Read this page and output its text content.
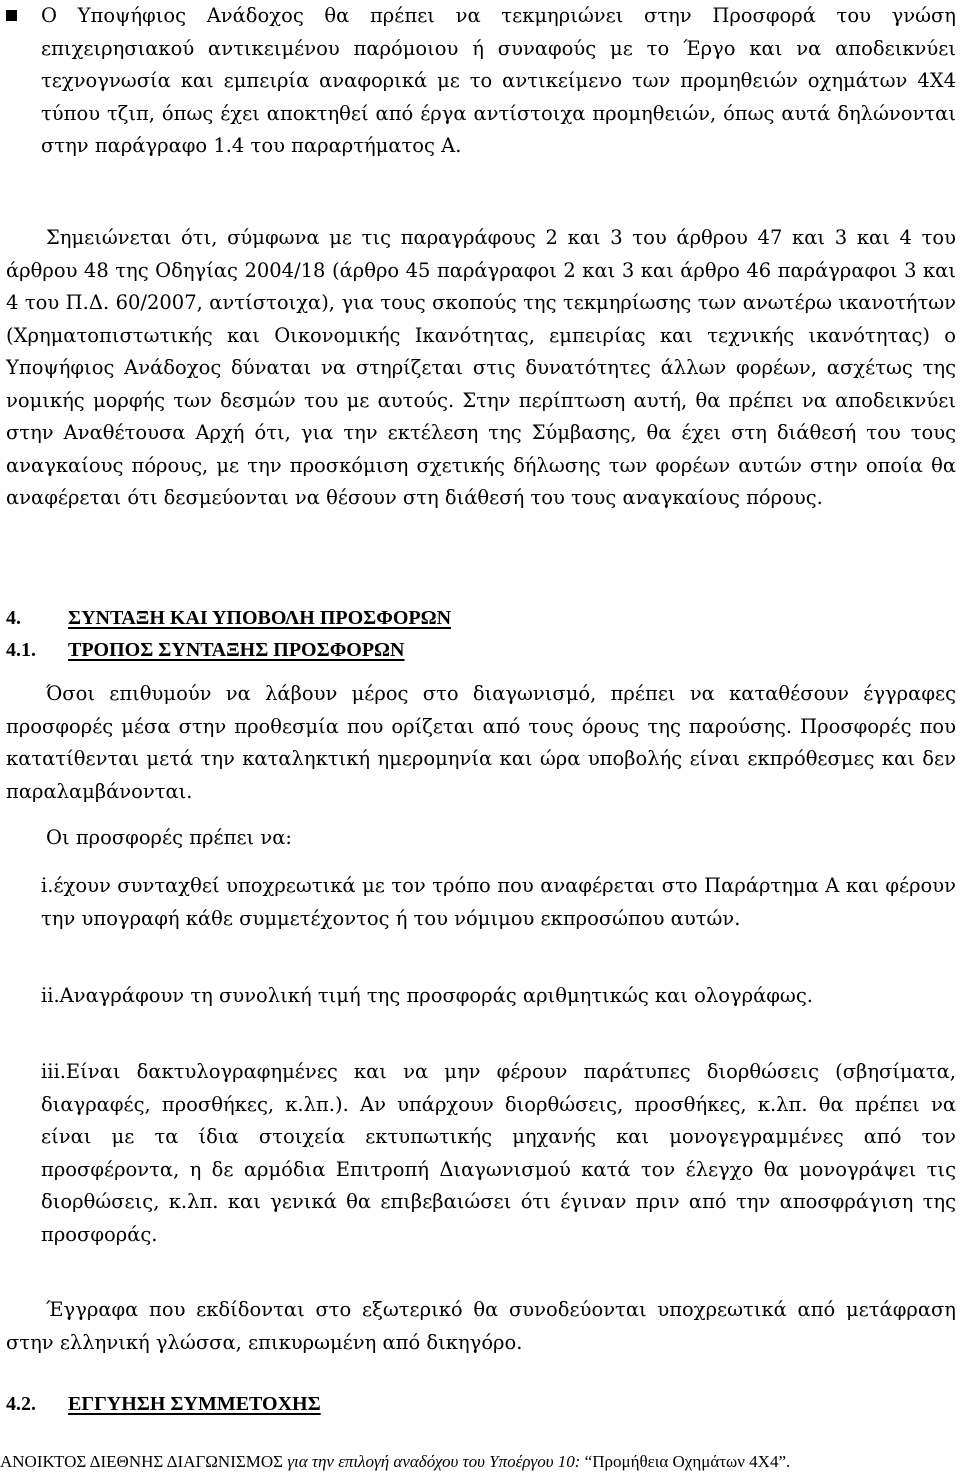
Ο Υποψήφιος Ανάδοχος θα πρέπει να τεκμηριώνει στην Προσφορά του γνώση επιχειρησιακού αντικειμένου παρόμοιου ή συναφούς με το Έργο και να αποδεικνύει τεχνογνωσία και εμπειρία αναφορικά με το αντικείμενο των προμηθειών οχημάτων 4Χ4 τύπου τζιπ, όπως έχει αποκτηθεί από έργα αντίστοιχα προμηθειών, όπως αυτά δηλώνονται στην παράγραφο 1.4 του παραρτήματος Α.

Σημειώνεται ότι, σύμφωνα με τις παραγράφους 2 και 3 του άρθρου 47 και 3 και 4 του άρθρου 48 της Οδηγίας 2004/18 (άρθρο 45 παράγραφοι 2 και 3 και άρθρο 46 παράγραφοι 3 και 4 του Π.Δ. 60/2007, αντίστοιχα), για τους σκοπούς της τεκμηρίωσης των ανωτέρω ικανοτήτων (Χρηματοπιστωτικής και Οικονομικής Ικανότητας, εμπειρίας και τεχνικής ικανότητας) ο Υποψήφιος Ανάδοχος δύναται να στηρίζεται στις δυνατότητες άλλων φορέων, ασχέτως της νομικής μορφής των δεσμών του με αυτούς. Στην περίπτωση αυτή, θα πρέπει να αποδεικνύει στην Αναθέτουσα Αρχή ότι, για την εκτέλεση της Σύμβασης, θα έχει στη διάθεσή του τους αναγκαίους πόρους, με την προσκόμιση σχετικής δήλωσης των φορέων αυτών στην οποία θα αναφέρεται ότι δεσμεύονται να θέσουν στη διάθεσή του τους αναγκαίους πόρους.

4. ΣΥΝΤΑΞΗ ΚΑΙ ΥΠΟΒΟΛΗ ΠΡΟΣΦΟΡΩΝ
4.1. ΤΡΟΠΟΣ ΣΥΝΤΑΞΗΣ ΠΡΟΣΦΟΡΩΝ

Όσοι επιθυμούν να λάβουν μέρος στο διαγωνισμό, πρέπει να καταθέσουν έγγραφες προσφορές μέσα στην προθεσμία που ορίζεται από τους όρους της παρούσης. Προσφορές που κατατίθενται μετά την καταληκτική ημερομηνία και ώρα υποβολής είναι εκπρόθεσμες και δεν παραλαμβάνονται.

Οι προσφορές πρέπει να:

i.έχουν συνταχθεί υποχρεωτικά με τον τρόπο που αναφέρεται στο Παράρτημα Α και φέρουν την υπογραφή κάθε συμμετέχοντος ή του νόμιμου εκπροσώπου αυτών.

ii.Αναγράφουν τη συνολική τιμή της προσφοράς αριθμητικώς και ολογράφως.

iii.Είναι δακτυλογραφημένες και να μην φέρουν παράτυπες διορθώσεις (σβησίματα, διαγραφές, προσθήκες, κ.λπ.). Αν υπάρχουν διορθώσεις, προσθήκες, κ.λπ. θα πρέπει να είναι με τα ίδια στοιχεία εκτυπωτικής μηχανής και μονογεγραμμένες από τον προσφέροντα, η δε αρμόδια Επιτροπή Διαγωνισμού κατά τον έλεγχο θα μονογράψει τις διορθώσεις, κ.λπ. και γενικά θα επιβεβαιώσει ότι έγιναν πριν από την αποσφράγιση της προσφοράς.

Έγγραφα που εκδίδονται στο εξωτερικό θα συνοδεύονται υποχρεωτικά από μετάφραση στην ελληνική γλώσσα, επικυρωμένη από δικηγόρο.

4.2. ΕΓΓΥΗΣΗ ΣΥΜΜΕΤΟΧΗΣ
ΑΝΟΙΚΤΟΣ ΔΙΕΘΝΗΣ ΔΙΑΓΩΝΙΣΜΟΣ για την επιλογή αναδόχου του Υποέργου 10: “Προμήθεια Οχημάτων 4Χ4”.
